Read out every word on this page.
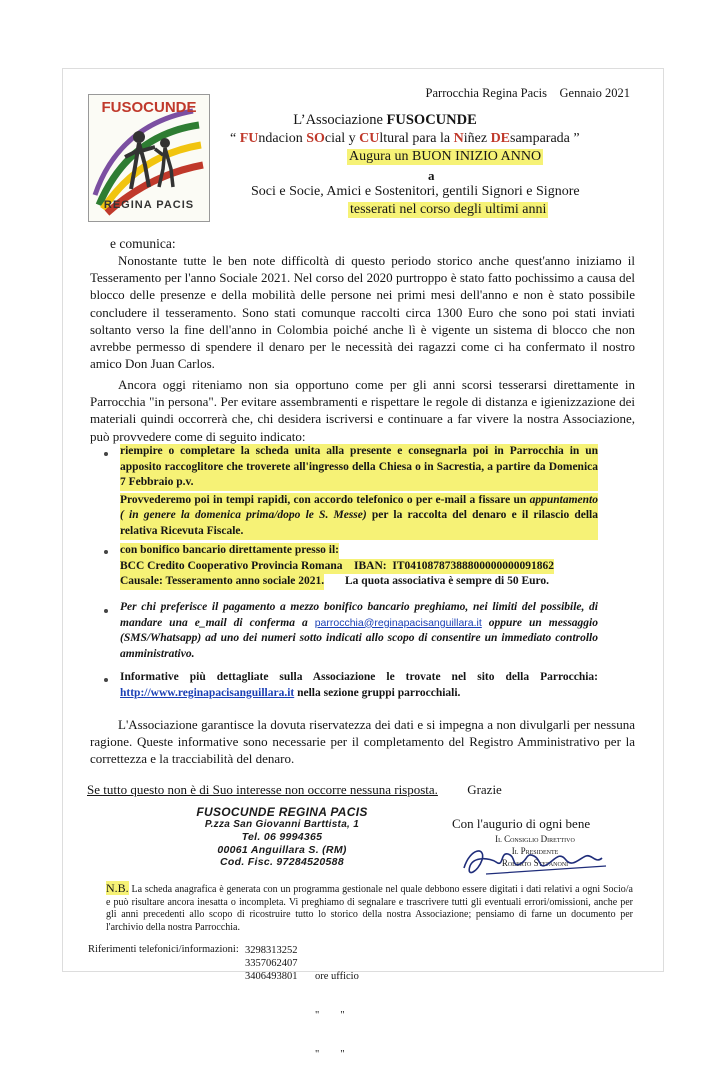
FUSOCUNDE
REGINA PACIS
Parrocchia Regina Pacis    Gennaio 2021
L’Associazione FUSOCUNDE
“ FUndacion SOcial y CUltural para la Niñez DEsamparada ”
Augura un BUON INIZIO ANNO
a
Soci e Socie, Amici e Sostenitori, gentili Signori e Signore
tesserati nel corso degli ultimi anni
e comunica:

Nonostante tutte le ben note difficoltà di questo periodo storico anche quest'anno iniziamo il Tesseramento per l'anno Sociale 2021. Nel corso del 2020 purtroppo è stato fatto pochissimo a causa del blocco delle presenze e della mobilità delle persone nei primi mesi dell'anno e non è stato possibile concludere il tesseramento. Sono stati comunque raccolti circa 1300 Euro che sono poi stati inviati soltanto verso la fine dell'anno in Colombia poiché anche lì è vigente un sistema di blocco che non avrebbe permesso di spendere il denaro per le necessità dei ragazzi come ci ha confermato il nostro amico Don Juan Carlos.

Ancora oggi riteniamo non sia opportuno come per gli anni scorsi tesserarsi direttamente in Parrocchia "in persona". Per evitare assembramenti e rispettare le regole di distanza e igienizzazione dei materiali quindi occorrerà che, chi desidera iscriversi e continuare a far vivere la nostra Associazione, può provvedere come di seguito indicato:

riempire o completare la scheda unita alla presente e consegnarla poi in Parrocchia in un apposito raccoglitore che troverete all'ingresso della Chiesa o in Sacrestia, a partire da Domenica 7 Febbraio p.v.

Provvederemo poi in tempi rapidi, con accordo telefonico o per e-mail a fissare un appuntamento ( in genere la domenica prima/dopo le S. Messe) per la raccolta del denaro e il rilascio della relativa Ricevuta Fiscale.

con bonifico bancario direttamente presso il:

BCC Credito Cooperativo Provincia Romana    IBAN:  IT04108787388800000000091862

Causale: Tesseramento anno sociale 2021. La quota associativa è sempre di 50 Euro.
Per chi preferisce il pagamento a mezzo bonifico bancario preghiamo, nei limiti del possibile, di mandare una e_mail di conferma a parrocchia@reginapacisanguillara.it oppure un messaggio (SMS/Whatsapp) ad uno dei numeri sotto indicati allo scopo di consentire un immediato controllo amministrativo.
Informative più dettagliate sulla Associazione le trovate nel sito della Parrocchia: http://www.reginapacisanguillara.it nella sezione gruppi parrocchiali.

L'Associazione garantisce la dovuta riservatezza dei dati e si impegna a non divulgarli per nessuna ragione. Queste informative sono necessarie per il completamento del Registro Amministrativo per la correttezza e la tracciabilità del denaro.

Se tutto questo non è di Suo interesse non occorre nessuna risposta. Grazie
FUSOCUNDE REGINA PACIS
P.zza San Giovanni Barttista, 1
Tel. 06 9994365
00061 Anguillara S. (RM)
Cod. Fisc. 97284520588
Con l'augurio di ogni bene
Il Consiglio Direttivo
Il Presidente
Roberto Stefanoni
N.B. La scheda anagrafica è generata con un programma gestionale nel quale debbono essere digitati i dati relativi a ogni Socio/a e può risultare ancora inesatta o incompleta. Vi preghiamo di segnalare e trascrivere tutti gli eventuali errori/omissioni, anche per gli anni precedenti allo scopo di ricostruire tutto lo storico della nostra Associazione; pensiamo di farne un documento per l'archivio della nostra Parrocchia.
Riferimenti telefonici/informazioni: 3298313252
3357062407
3406493801

ore ufficio

"        "

"        "
